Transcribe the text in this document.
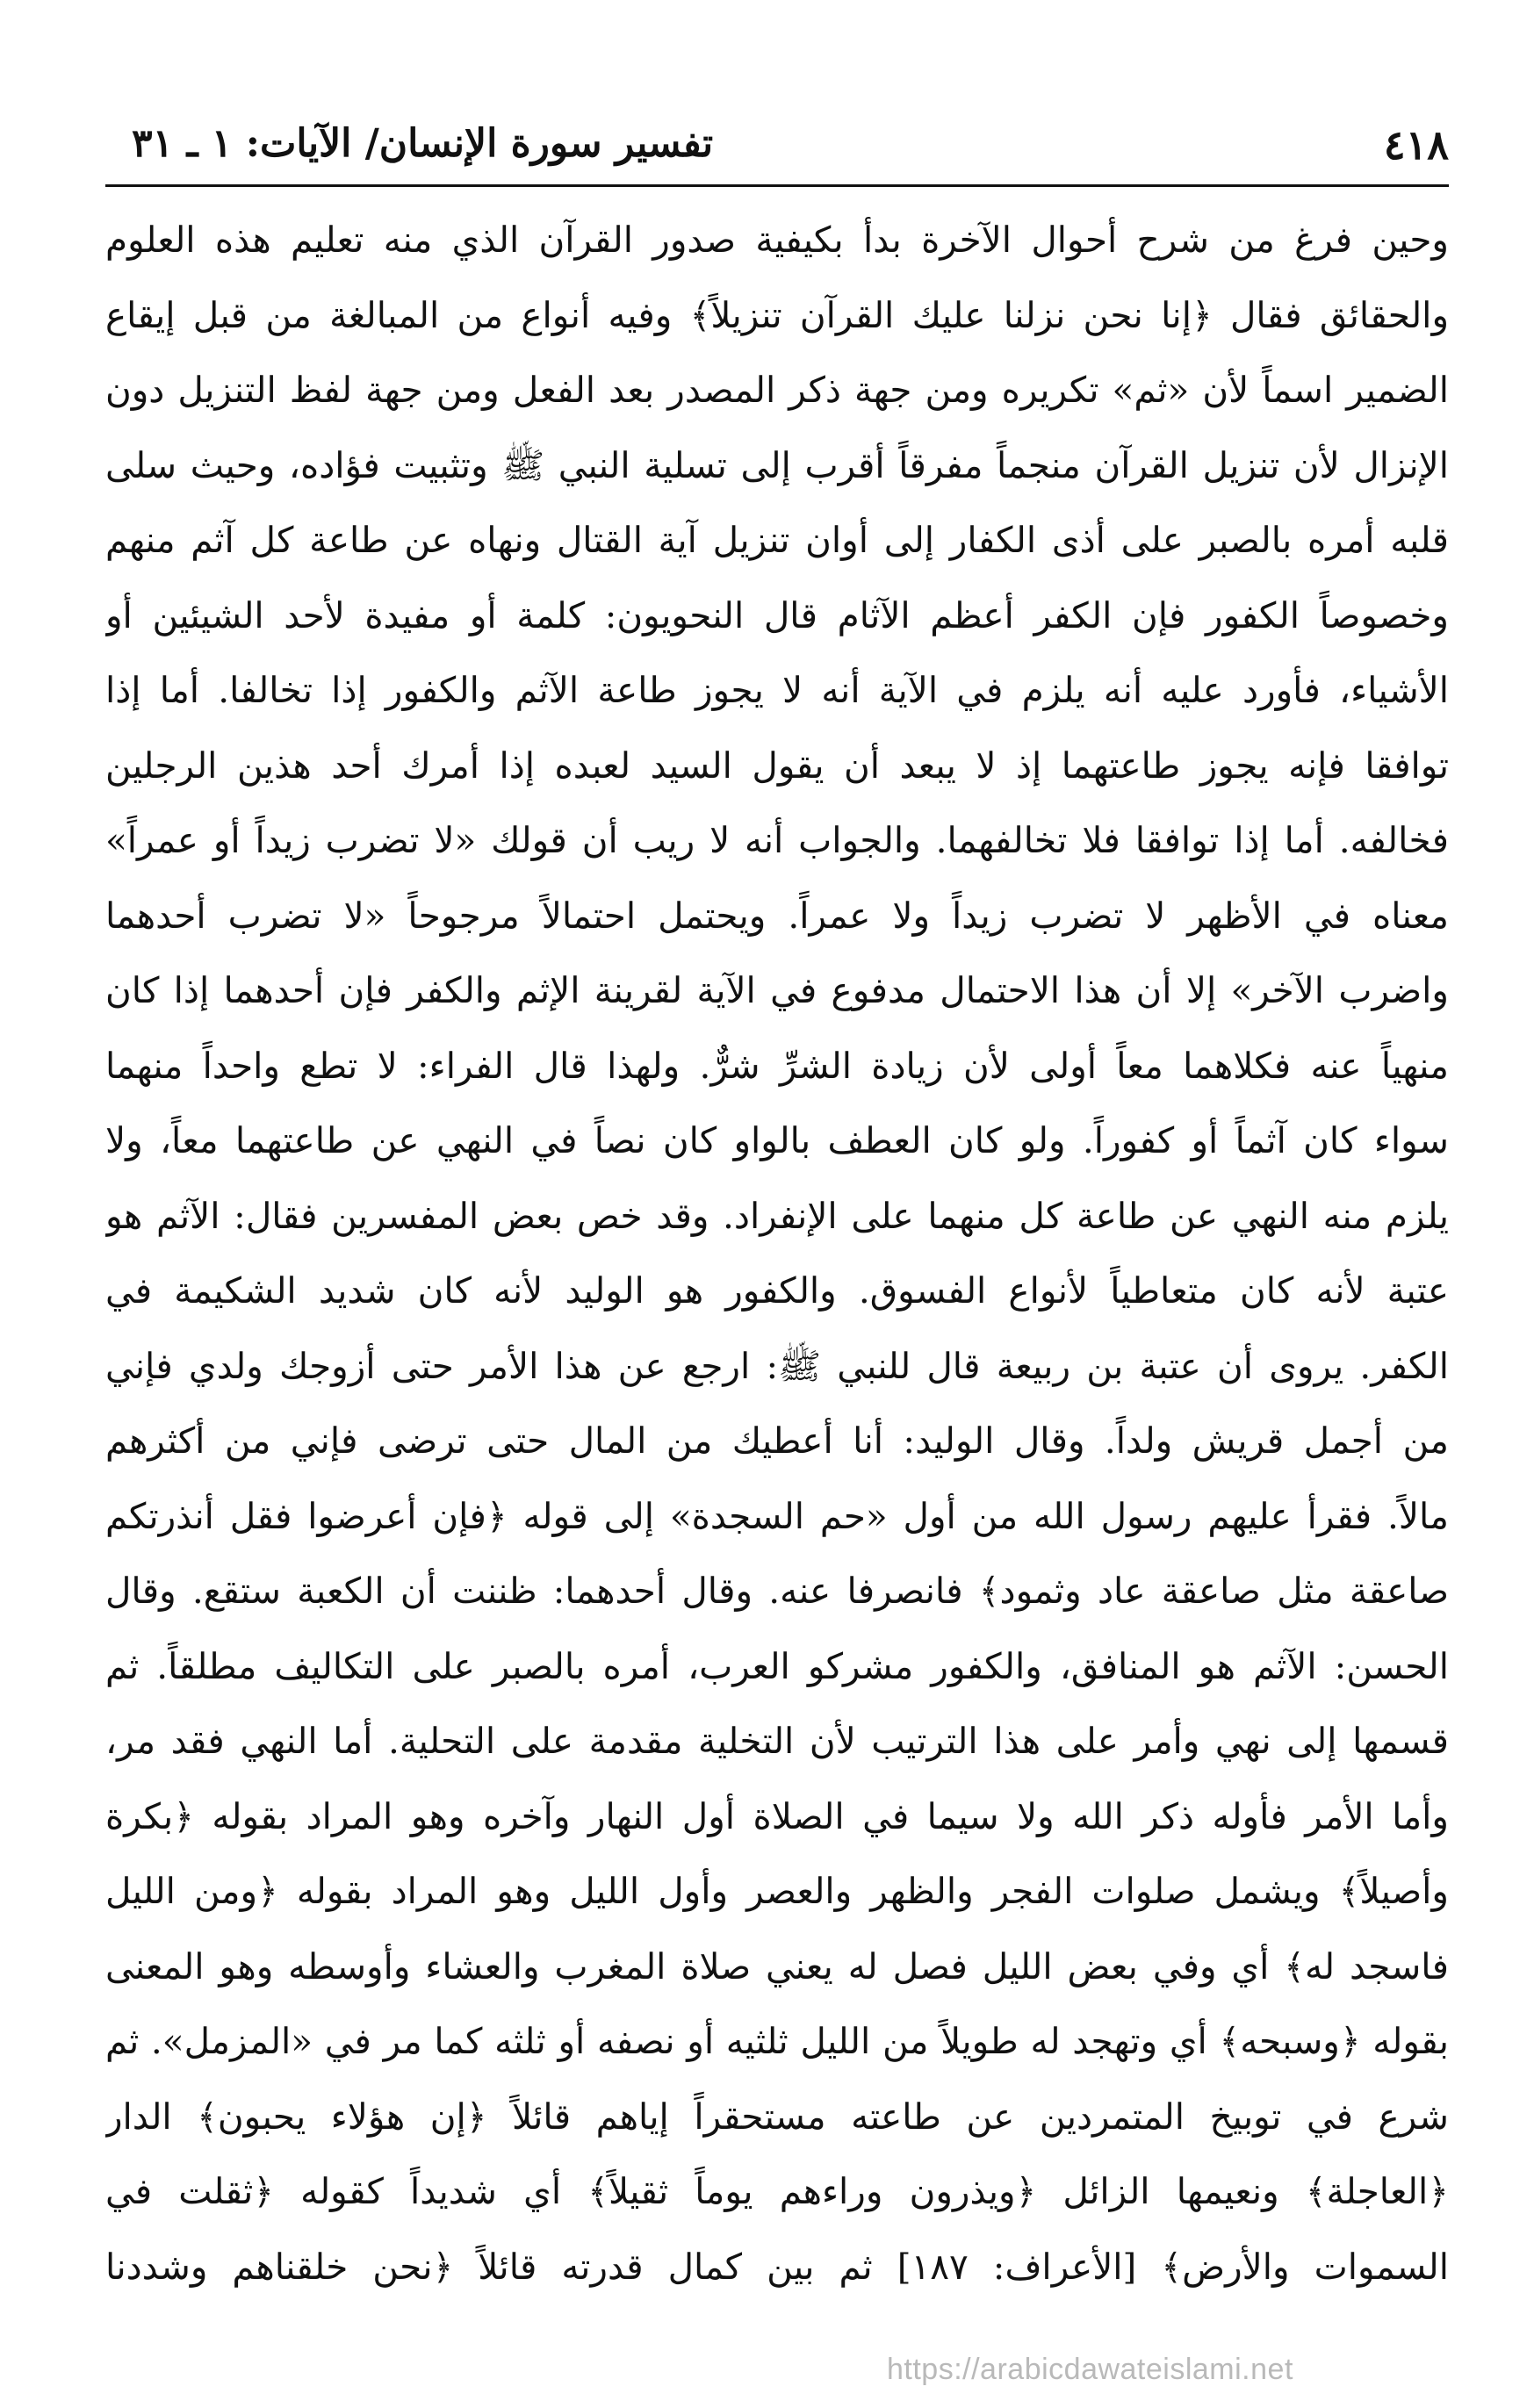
٤١٨
تفسير سورة الإنسان/ الآيات: ١ ـ ٣١
وحين فرغ من شرح أحوال الآخرة بدأ بكيفية صدور القرآن الذي منه تعليم هذه العلوم
والحقائق فقال ﴿إنا نحن نزلنا عليك القرآن تنزيلاً﴾ وفيه أنواع من المبالغة من قبل إيقاع
الضمير اسماً لأن «ثم» تكريره ومن جهة ذكر المصدر بعد الفعل ومن جهة لفظ التنزيل دون
الإنزال لأن تنزيل القرآن منجماً مفرقاً أقرب إلى تسلية النبي ﷺ وتثبيت فؤاده، وحيث سلى
قلبه أمره بالصبر على أذى الكفار إلى أوان تنزيل آية القتال ونهاه عن طاعة كل آثم منهم
وخصوصاً الكفور فإن الكفر أعظم الآثام قال النحويون: كلمة أو مفيدة لأحد الشيئين أو
الأشياء، فأورد عليه أنه يلزم في الآية أنه لا يجوز طاعة الآثم والكفور إذا تخالفا. أما إذا
توافقا فإنه يجوز طاعتهما إذ لا يبعد أن يقول السيد لعبده إذا أمرك أحد هذين الرجلين
فخالفه. أما إذا توافقا فلا تخالفهما. والجواب أنه لا ريب أن قولك «لا تضرب زيداً أو عمراً»
معناه في الأظهر لا تضرب زيداً ولا عمراً. ويحتمل احتمالاً مرجوحاً «لا تضرب أحدهما
واضرب الآخر» إلا أن هذا الاحتمال مدفوع في الآية لقرينة الإثم والكفر فإن أحدهما إذا كان
منهياً عنه فكلاهما معاً أولى لأن زيادة الشرِّ شرٌّ. ولهذا قال الفراء: لا تطع واحداً منهما
سواء كان آثماً أو كفوراً. ولو كان العطف بالواو كان نصاً في النهي عن طاعتهما معاً، ولا
يلزم منه النهي عن طاعة كل منهما على الإنفراد. وقد خص بعض المفسرين فقال: الآثم هو
عتبة لأنه كان متعاطياً لأنواع الفسوق. والكفور هو الوليد لأنه كان شديد الشكيمة في
الكفر. يروى أن عتبة بن ربيعة قال للنبي ﷺ: ارجع عن هذا الأمر حتى أزوجك ولدي فإني
من أجمل قريش ولداً. وقال الوليد: أنا أعطيك من المال حتى ترضى فإني من أكثرهم
مالاً. فقرأ عليهم رسول الله من أول «حم السجدة» إلى قوله ﴿فإن أعرضوا فقل أنذرتكم
صاعقة مثل صاعقة عاد وثمود﴾ فانصرفا عنه. وقال أحدهما: ظننت أن الكعبة ستقع. وقال
الحسن: الآثم هو المنافق، والكفور مشركو العرب، أمره بالصبر على التكاليف مطلقاً. ثم
قسمها إلى نهي وأمر على هذا الترتيب لأن التخلية مقدمة على التحلية. أما النهي فقد مر،
وأما الأمر فأوله ذكر الله ولا سيما في الصلاة أول النهار وآخره وهو المراد بقوله ﴿بكرة
وأصيلاً﴾ ويشمل صلوات الفجر والظهر والعصر وأول الليل وهو المراد بقوله ﴿ومن الليل
فاسجد له﴾ أي وفي بعض الليل فصل له يعني صلاة المغرب والعشاء وأوسطه وهو المعنى
بقوله ﴿وسبحه﴾ أي وتهجد له طويلاً من الليل ثلثيه أو نصفه أو ثلثه كما مر في «المزمل». ثم
شرع في توبيخ المتمردين عن طاعته مستحقراً إياهم قائلاً ﴿إن هؤلاء يحبون﴾ الدار
﴿العاجلة﴾ ونعيمها الزائل ﴿ويذرون وراءهم يوماً ثقيلاً﴾ أي شديداً كقوله ﴿ثقلت في
السموات والأرض﴾ [الأعراف: ١٨٧] ثم بين كمال قدرته قائلاً ﴿نحن خلقناهم وشددنا
https://arabicdawateislami.net
